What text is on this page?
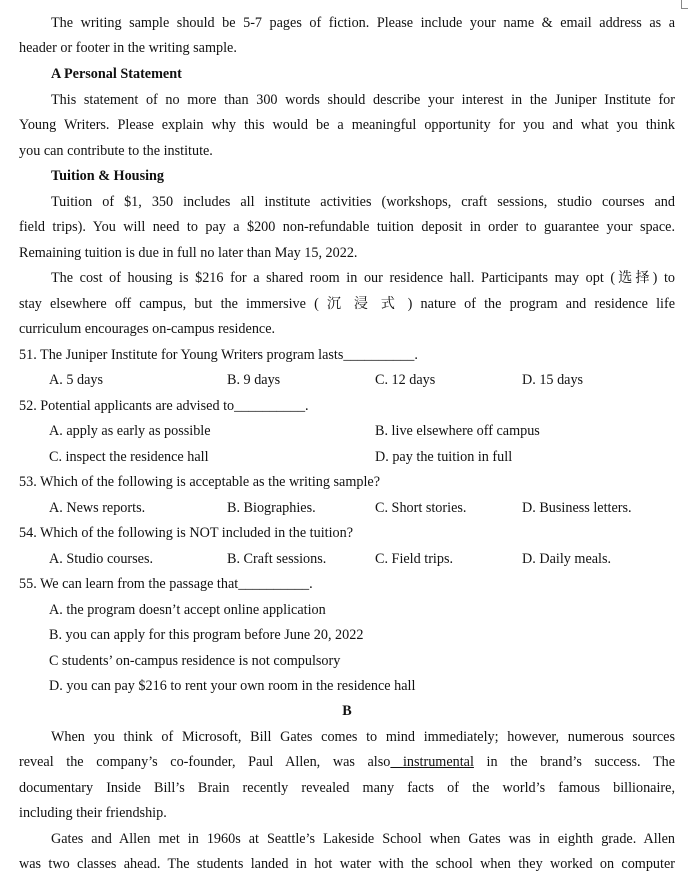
The writing sample should be 5-7 pages of fiction. Please include your name & email address as a
header or footer in the writing sample.
A Personal Statement
This statement of no more than 300 words should describe your interest in the Juniper Institute for
Young Writers. Please explain why this would be a meaningful opportunity for you and what you think
you can contribute to the institute.
Tuition & Housing
Tuition of $1, 350 includes all institute activities (workshops, craft sessions, studio courses and
field trips). You will need to pay a $200 non-refundable tuition deposit in order to guarantee your space.
Remaining tuition is due in full no later than May 15, 2022.
The cost of housing is $216 for a shared room in our residence hall. Participants may opt (选择) to
stay elsewhere off campus, but the immersive ( 沉 浸 式 ) nature of the program and residence life
curriculum encourages on-campus residence.
51. The Juniper Institute for Young Writers program lasts__________.
A. 5 days	B. 9 days	C. 12 days	D. 15 days
52. Potential applicants are advised to__________.
A. apply as early as possible	B. live elsewhere off campus
C. inspect the residence hall	D. pay the tuition in full
53. Which of the following is acceptable as the writing sample?
A. News reports.	B. Biographies.	C. Short stories.	D. Business letters.
54. Which of the following is NOT included in the tuition?
A. Studio courses.	B. Craft sessions.	C. Field trips.	D. Daily meals.
55. We can learn from the passage that__________.
A. the program doesn’t accept online application
B. you can apply for this program before June 20, 2022
C students’ on-campus residence is not compulsory
D. you can pay $216 to rent your own room in the residence hall
B
When you think of Microsoft, Bill Gates comes to mind immediately; however, numerous sources
reveal the company’s co-founder, Paul Allen, was also instrumental in the brand’s success. The
documentary Inside Bill’s Brain recently revealed many facts of the world’s famous billionaire,
including their friendship.
Gates and Allen met in 1960s at Seattle’s Lakeside School when Gates was in eighth grade. Allen
was two classes ahead. The students landed in hot water with the school when they worked on computer
